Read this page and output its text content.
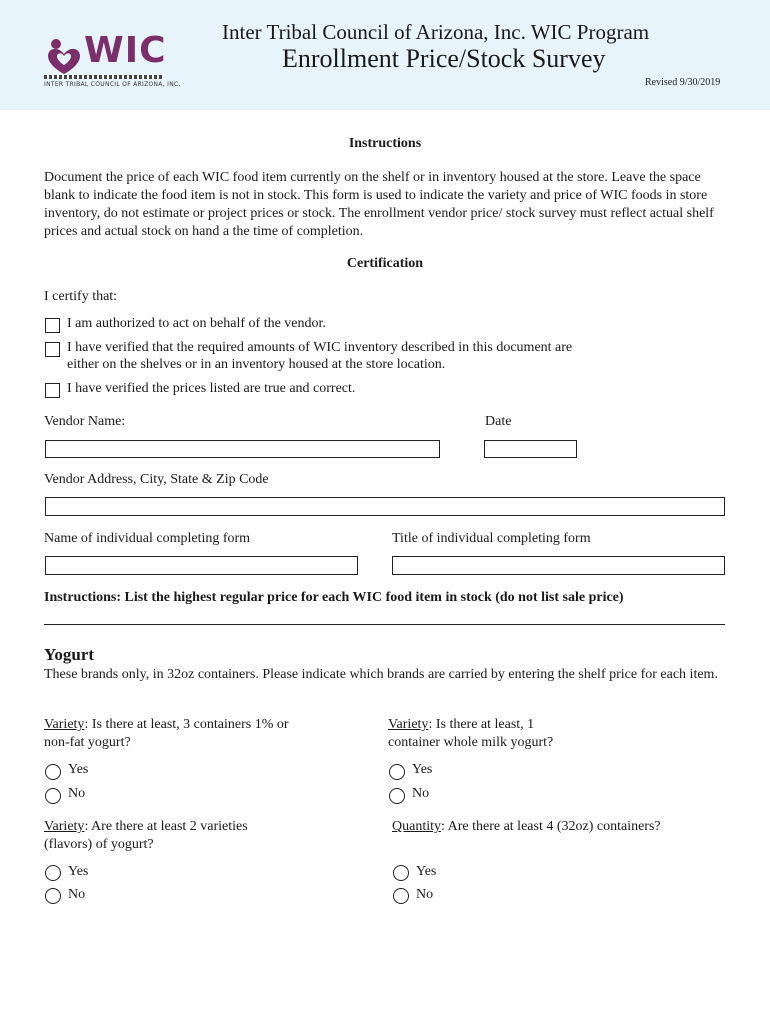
WIC
INTER TRIBAL COUNCIL OF ARIZONA, INC.
Inter Tribal Council of Arizona, Inc. WIC Program
Enrollment Price/Stock Survey
Revised 9/30/2019
Instructions
Document the price of each WIC food item currently on the shelf or in inventory housed at the store. Leave the space blank to indicate the food item is not in stock. This form is used to indicate the variety and price of WIC foods in store inventory, do not estimate or project prices or stock. The enrollment vendor price/ stock survey must reflect actual shelf prices and actual stock on hand a the time of completion.
Certification
I certify that:
I am authorized to act on behalf of the vendor.
I have verified that the required amounts of WIC inventory described in this document are
either on the shelves or in an inventory housed at the store location.
I have verified the prices listed are true and correct.
Vendor Name:	Date
Vendor Address, City, State & Zip Code
Name of individual completing form	Title of individual completing form
Instructions: List the highest regular price for each WIC food item in stock (do not list sale price)
Yogurt
These brands only, in 32oz containers. Please indicate which brands are carried by entering the shelf price for each item.
Variety: Is there at least, 3 containers 1% or
non-fat yogurt?
Variety: Is there at least, 1
container whole milk yogurt?
Yes
No
Yes
No
Variety: Are there at least 2 varieties
(flavors) of yogurt?
Quantity: Are there at least 4 (32oz) containers?
Yes
No
Yes
No
